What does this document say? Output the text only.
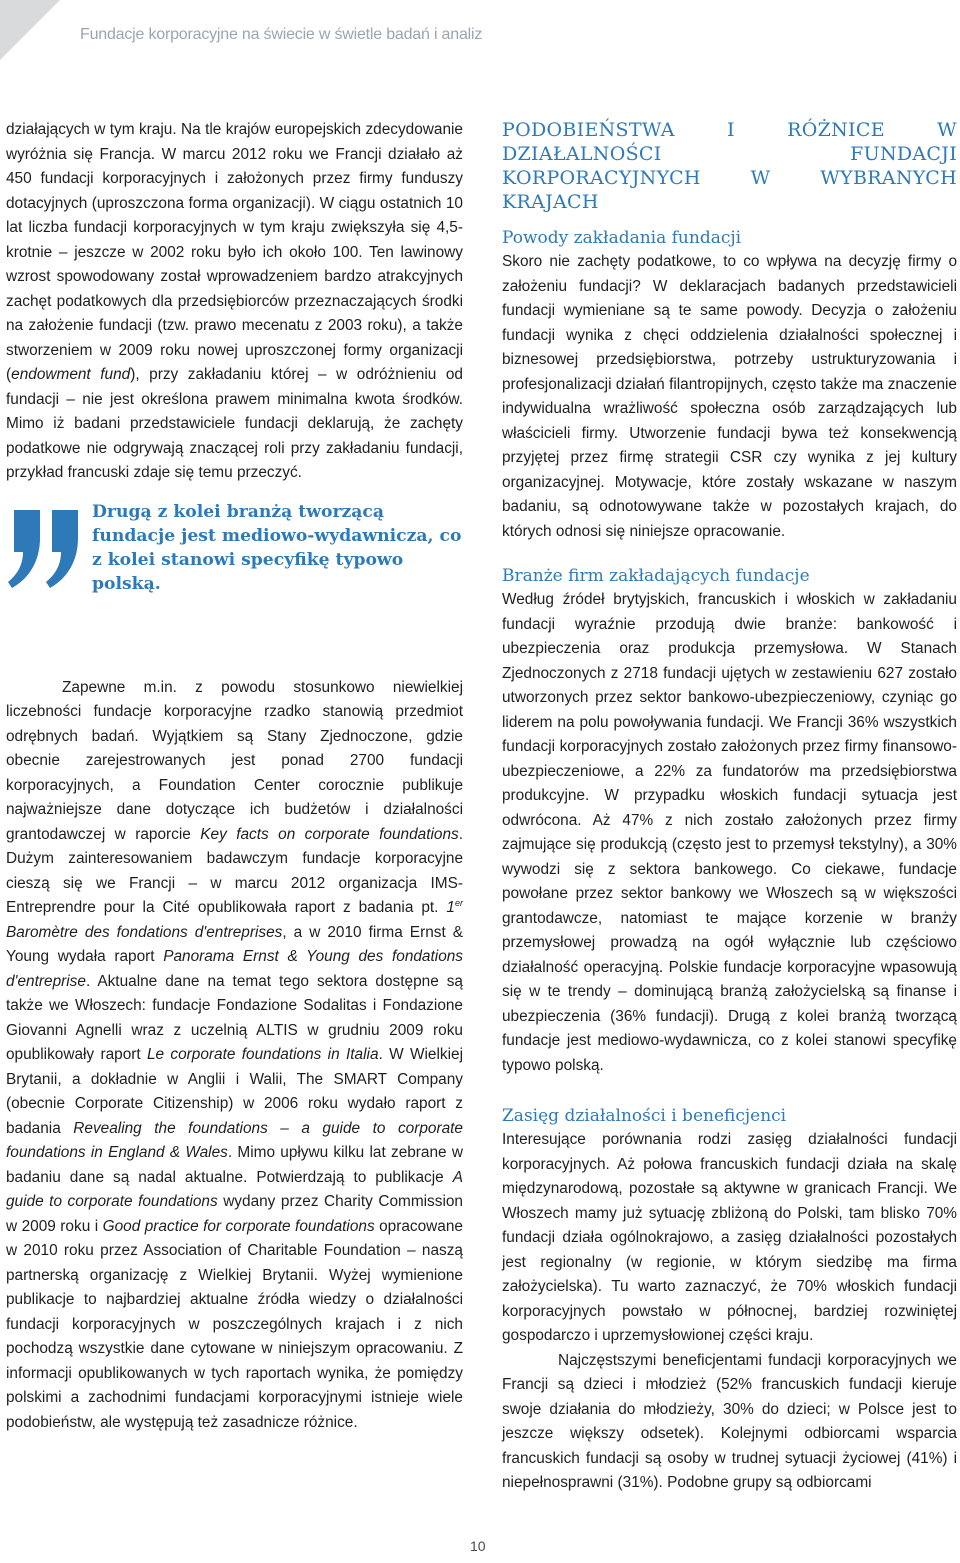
Fundacje korporacyjne na świecie w świetle badań i analiz

działających w tym kraju. Na tle krajów europejskich zdecydowanie wyróżnia się Francja. W marcu 2012 roku we Francji działało aż 450 fundacji korporacyjnych i założonych przez firmy funduszy dotacyjnych (uproszczona forma organizacji). W ciągu ostatnich 10 lat liczba fundacji korporacyjnych w tym kraju zwiększyła się 4,5-krotnie – jeszcze w 2002 roku było ich około 100. Ten lawinowy wzrost spowodowany został wprowadzeniem bardzo atrakcyjnych zachęt podatkowych dla przedsiębiorców przeznaczających środki na założenie fundacji (tzw. prawo mecenatu z 2003 roku), a także stworzeniem w 2009 roku nowej uproszczonej formy organizacji (endowment fund), przy zakładaniu której – w odróżnieniu od fundacji – nie jest określona prawem minimalna kwota środków. Mimo iż badani przedstawiciele fundacji deklarują, że zachęty podatkowe nie odgrywają znaczącej roli przy zakładaniu fundacji, przykład francuski zdaje się temu przeczyć.

Drugą z kolei branżą tworzącą fundacje jest mediowo-wydawnicza, co z kolei stanowi specyfikę typowo polską.

Zapewne m.in. z powodu stosunkowo niewielkiej liczebności fundacje korporacyjne rzadko stanowią przedmiot odrębnych badań. Wyjątkiem są Stany Zjednoczone, gdzie obecnie zarejestrowanych jest ponad 2700 fundacji korporacyjnych, a Foundation Center corocznie publikuje najważniejsze dane dotyczące ich budżetów i działalności grantodawczej w raporcie Key facts on corporate foundations. Dużym zainteresowaniem badawczym fundacje korporacyjne cieszą się we Francji – w marcu 2012 organizacja IMS-Entreprendre pour la Cité opublikowała raport z badania pt. 1er Baromètre des fondations d'entreprises, a w 2010 firma Ernst & Young wydała raport Panorama Ernst & Young des fondations d'entreprise. Aktualne dane na temat tego sektora dostępne są także we Włoszech: fundacje Fondazione Sodalitas i Fondazione Giovanni Agnelli wraz z uczelnią ALTIS w grudniu 2009 roku opublikowały raport Le corporate foundations in Italia. W Wielkiej Brytanii, a dokładnie w Anglii i Walii, The SMART Company (obecnie Corporate Citizenship) w 2006 roku wydało raport z badania Revealing the foundations – a guide to corporate foundations in England & Wales. Mimo upływu kilku lat zebrane w badaniu dane są nadal aktualne. Potwierdzają to publikacje A guide to corporate foundations wydany przez Charity Commission w 2009 roku i Good practice for corporate foundations opracowane w 2010 roku przez Association of Charitable Foundation – naszą partnerską organizację z Wielkiej Brytanii. Wyżej wymienione publikacje to najbardziej aktualne źródła wiedzy o działalności fundacji korporacyjnych w poszczególnych krajach i z nich pochodzą wszystkie dane cytowane w niniejszym opracowaniu. Z informacji opublikowanych w tych raportach wynika, że pomiędzy polskimi a zachodnimi fundacjami korporacyjnymi istnieje wiele podobieństw, ale występują też zasadnicze różnice.

PODOBIEŃSTWA I RÓŻNICE W DZIAŁALNOŚCI FUNDACJI KORPORACYJNYCH W WYBRANYCH KRAJACH
Powody zakładania fundacji

Skoro nie zachęty podatkowe, to co wpływa na decyzję firmy o założeniu fundacji? W deklaracjach badanych przedstawicieli fundacji wymieniane są te same powody. Decyzja o założeniu fundacji wynika z chęci oddzielenia działalności społecznej i biznesowej przedsiębiorstwa, potrzeby ustrukturyzowania i profesjonalizacji działań filantropijnych, często także ma znaczenie indywidualna wrażliwość społeczna osób zarządzających lub właścicieli firmy. Utworzenie fundacji bywa też konsekwencją przyjętej przez firmę strategii CSR czy wynika z jej kultury organizacyjnej. Motywacje, które zostały wskazane w naszym badaniu, są odnotowywane także w pozostałych krajach, do których odnosi się niniejsze opracowanie.

Branże firm zakładających fundacje

Według źródeł brytyjskich, francuskich i włoskich w zakładaniu fundacji wyraźnie przodują dwie branże: bankowość i ubezpieczenia oraz produkcja przemysłowa. W Stanach Zjednoczonych z 2718 fundacji ujętych w zestawieniu 627 zostało utworzonych przez sektor bankowo-ubezpieczeniowy, czyniąc go liderem na polu powoływania fundacji. We Francji 36% wszystkich fundacji korporacyjnych zostało założonych przez firmy finansowo-ubezpieczeniowe, a 22% za fundatorów ma przedsiębiorstwa produkcyjne. W przypadku włoskich fundacji sytuacja jest odwrócona. Aż 47% z nich zostało założonych przez firmy zajmujące się produkcją (często jest to przemysł tekstylny), a 30% wywodzi się z sektora bankowego. Co ciekawe, fundacje powołane przez sektor bankowy we Włoszech są w większości grantodawcze, natomiast te mające korzenie w branży przemysłowej prowadzą na ogół wyłącznie lub częściowo działalność operacyjną. Polskie fundacje korporacyjne wpasowują się w te trendy – dominującą branżą założycielską są finanse i ubezpieczenia (36% fundacji). Drugą z kolei branżą tworzącą fundacje jest mediowo-wydawnicza, co z kolei stanowi specyfikę typowo polską.

Zasięg działalności i beneficjenci

Interesujące porównania rodzi zasięg działalności fundacji korporacyjnych. Aż połowa francuskich fundacji działa na skalę międzynarodową, pozostałe są aktywne w granicach Francji. We Włoszech mamy już sytuację zbliżoną do Polski, tam blisko 70% fundacji działa ogólnokrajowo, a zasięg działalności pozostałych jest regionalny (w regionie, w którym siedzibę ma firma założycielska). Tu warto zaznaczyć, że 70% włoskich fundacji korporacyjnych powstało w północnej, bardziej rozwiniętej gospodarczo i uprzemysłowionej części kraju.

Najczęstszymi beneficjentami fundacji korporacyjnych we Francji są dzieci i młodzież (52% francuskich fundacji kieruje swoje działania do młodzieży, 30% do dzieci; w Polsce jest to jeszcze większy odsetek). Kolejnymi odbiorcami wsparcia francuskich fundacji są osoby w trudnej sytuacji życiowej (41%) i niepełnosprawni (31%). Podobne grupy są odbiorcami

10
